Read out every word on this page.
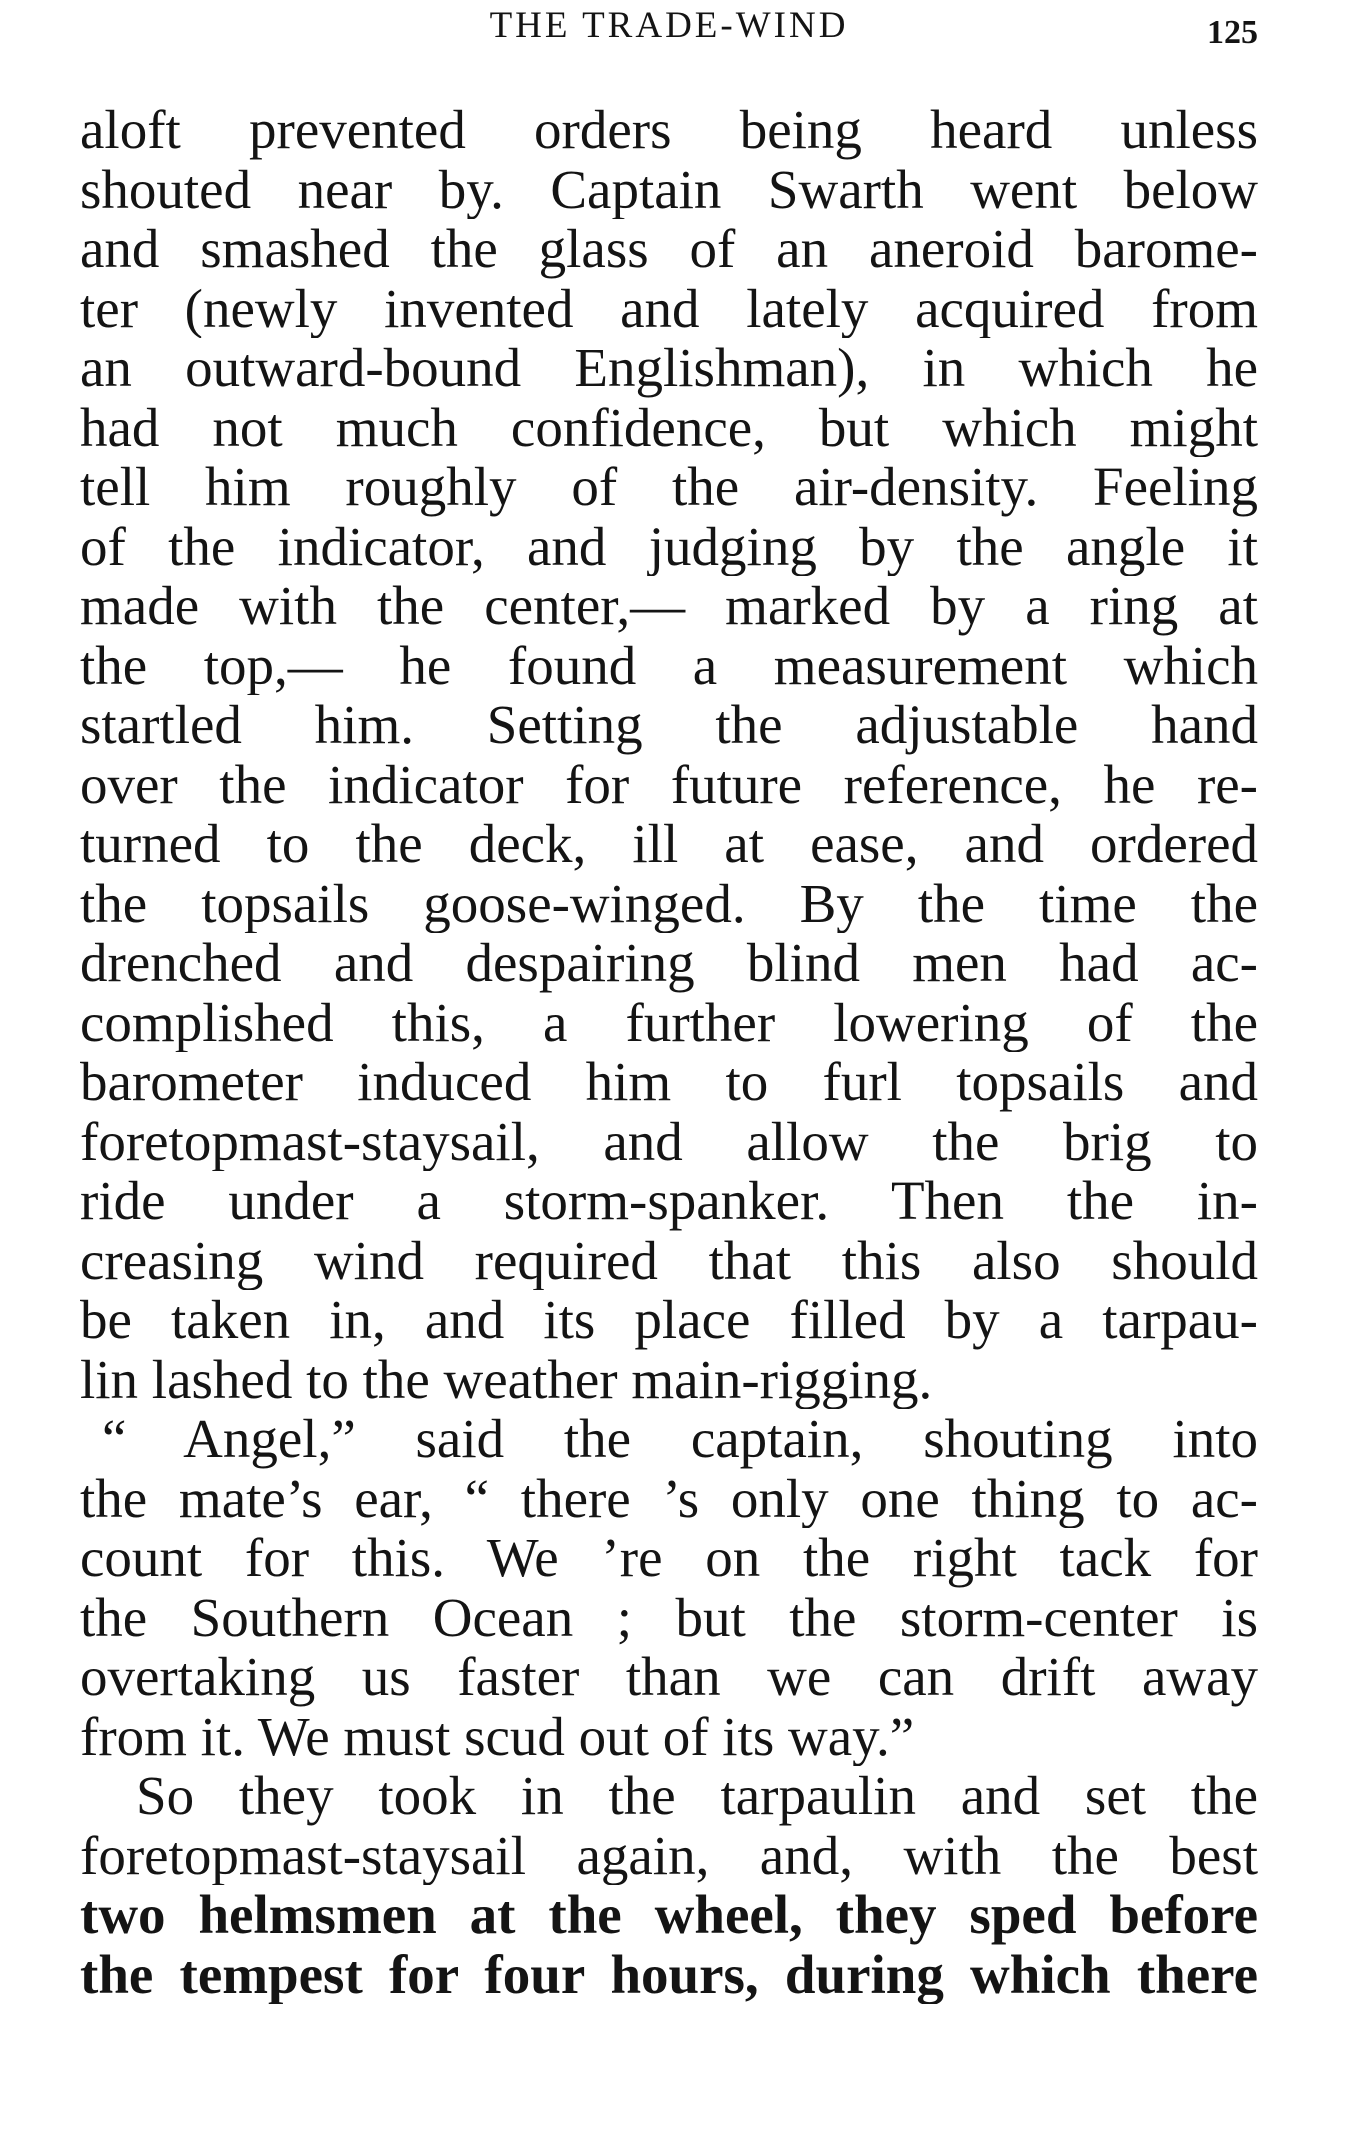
THE TRADE-WIND	125
aloft prevented orders being heard unless
shouted near by. Captain Swarth went below
and smashed the glass of an aneroid barome-
ter (newly invented and lately acquired from
an outward-bound Englishman), in which he
had not much confidence, but which might
tell him roughly of the air-density. Feeling
of the indicator, and judging by the angle it
made with the center,— marked by a ring at
the top,— he found a measurement which
startled him. Setting the adjustable hand
over the indicator for future reference, he re-
turned to the deck, ill at ease, and ordered
the topsails goose-winged. By the time the
drenched and despairing blind men had ac-
complished this, a further lowering of the
barometer induced him to furl topsails and
foretopmast-staysail, and allow the brig to
ride under a storm-spanker. Then the in-
creasing wind required that this also should
be taken in, and its place filled by a tarpau-
lin lashed to the weather main-rigging.
“ Angel,” said the captain, shouting into
the mate’s ear, “ there ’s only one thing to ac-
count for this. We ’re on the right tack for
the Southern Ocean ; but the storm-center is
overtaking us faster than we can drift away
from it. We must scud out of its way.”
So they took in the tarpaulin and set the
foretopmast-staysail again, and, with the best
two helmsmen at the wheel, they sped before
the tempest for four hours, during which there
